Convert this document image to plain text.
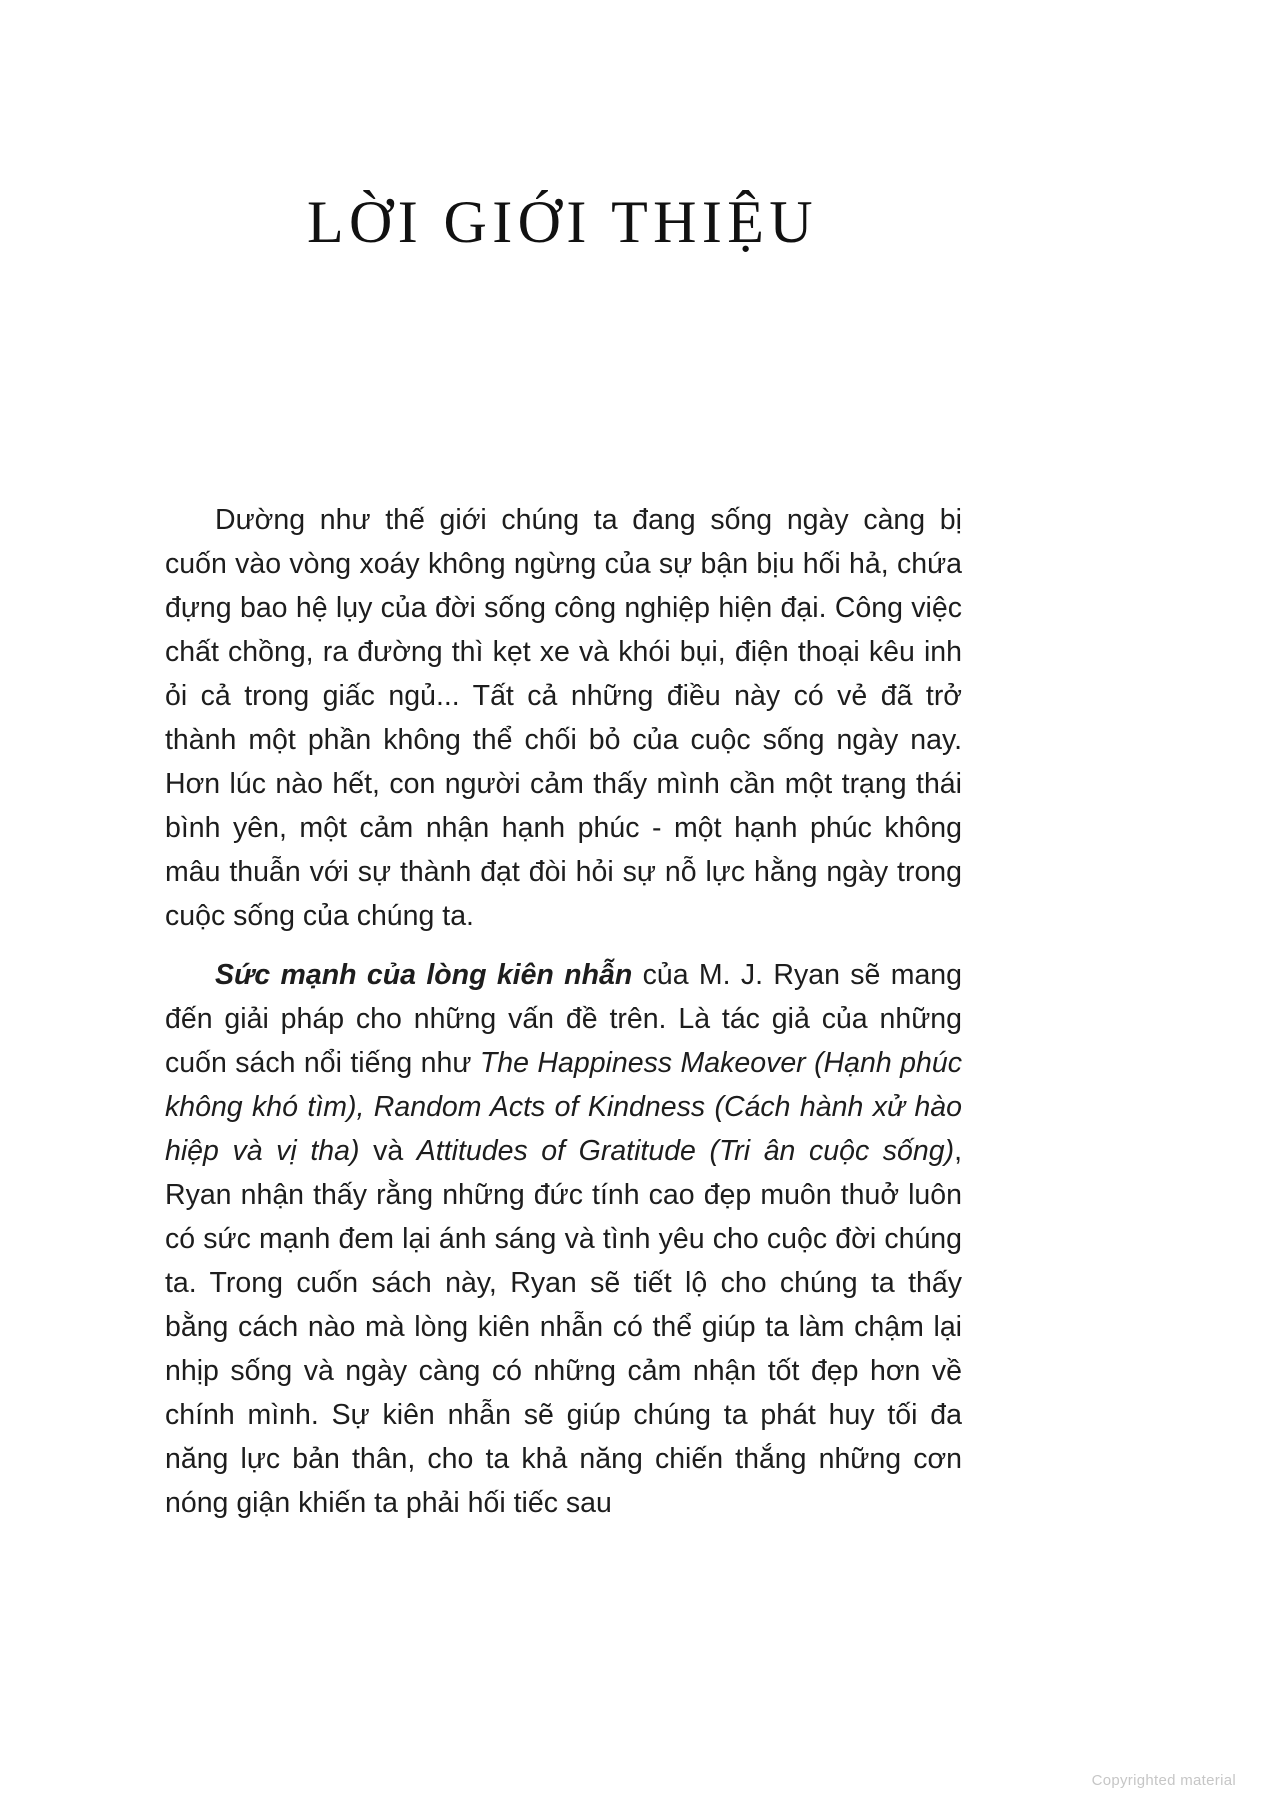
LỜI GIỚI THIỆU

Dường như thế giới chúng ta đang sống ngày càng bị cuốn vào vòng xoáy không ngừng của sự bận bịu hối hả, chứa đựng bao hệ lụy của đời sống công nghiệp hiện đại. Công việc chất chồng, ra đường thì kẹt xe và khói bụi, điện thoại kêu inh ỏi cả trong giấc ngủ... Tất cả những điều này có vẻ đã trở thành một phần không thể chối bỏ của cuộc sống ngày nay. Hơn lúc nào hết, con người cảm thấy mình cần một trạng thái bình yên, một cảm nhận hạnh phúc - một hạnh phúc không mâu thuẫn với sự thành đạt đòi hỏi sự nỗ lực hằng ngày trong cuộc sống của chúng ta.

Sức mạnh của lòng kiên nhẫn của M. J. Ryan sẽ mang đến giải pháp cho những vấn đề trên. Là tác giả của những cuốn sách nổi tiếng như The Happiness Makeover (Hạnh phúc không khó tìm), Random Acts of Kindness (Cách hành xử hào hiệp và vị tha) và Attitudes of Gratitude (Tri ân cuộc sống), Ryan nhận thấy rằng những đức tính cao đẹp muôn thuở luôn có sức mạnh đem lại ánh sáng và tình yêu cho cuộc đời chúng ta. Trong cuốn sách này, Ryan sẽ tiết lộ cho chúng ta thấy bằng cách nào mà lòng kiên nhẫn có thể giúp ta làm chậm lại nhịp sống và ngày càng có những cảm nhận tốt đẹp hơn về chính mình. Sự kiên nhẫn sẽ giúp chúng ta phát huy tối đa năng lực bản thân, cho ta khả năng chiến thắng những cơn nóng giận khiến ta phải hối tiếc sau

Copyrighted material
